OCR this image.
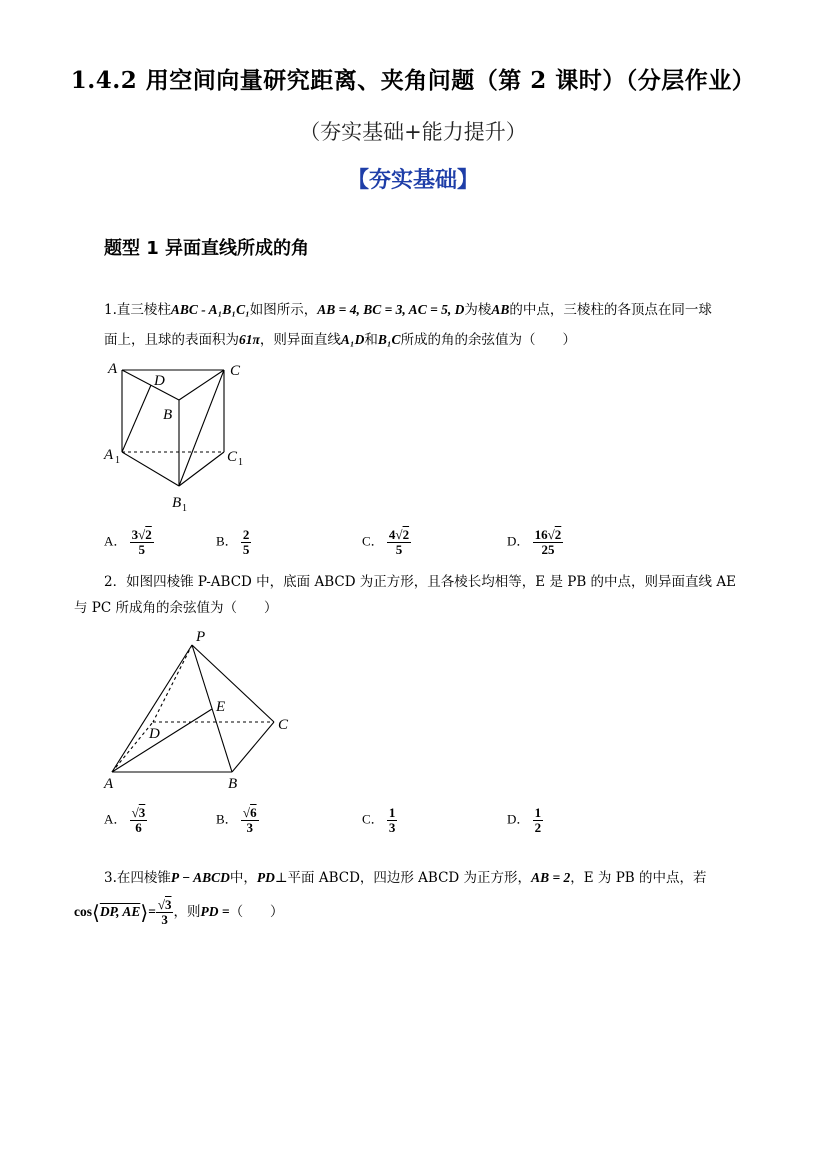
1.4.2 用空间向量研究距离、夹角问题（第 2 课时）（分层作业）
（夯实基础+能力提升）
【夯实基础】
题型 1 异面直线所成的角
1.直三棱柱ABC - A₁B₁C₁如图所示，AB = 4, BC = 3, AC = 5, D为棱AB的中点，三棱柱的各顶点在同一球
面上，且球的表面积为61π，则异面直线A₁D和B₁C所成的角的余弦值为（　　）
A
D
C
B
A 1	C 1
B 1
A． $\frac{3√2}{5}$	B． $\frac{2}{5}$	C． $\frac{4√2}{5}$	D． $\frac{16√2}{25}$
2．如图四棱锥 P-ABCD 中，底面 ABCD 为正方形，且各棱长均相等，E 是 PB 的中点，则异面直线 AE
与 PC 所成角的余弦值为（　　）
P
E
D
C
A	B
A． $\frac{√3}{6}$	B． $\frac{√6}{3}$	C． $\frac{1}{3}$	D． $\frac{1}{2}$
3.在四棱锥P − ABCD中，PD⊥平面 ABCD，四边形 ABCD 为正方形，AB = 2，E 为 PB 的中点，若
cos⟨DP, AE⟩= $\frac{√3}{3}$ ，则PD =（　　）
